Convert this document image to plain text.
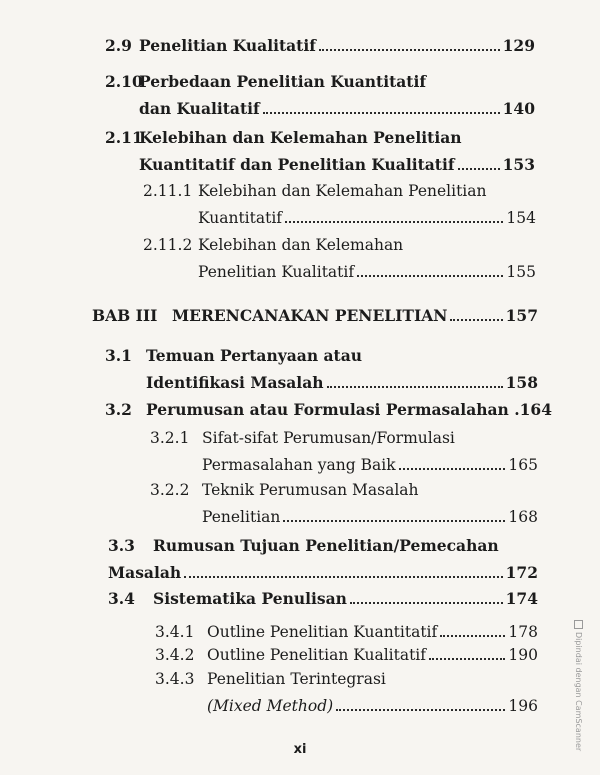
2.9 Penelitian Kualitatif	129
2.10
Perbedaan Penelitian Kuantitatif
dan Kualitatif	140
2.11
Kelebihan dan Kelemahan Penelitian
Kuantitatif dan Penelitian Kualitatif	153
2.11.1 Kelebihan dan Kelemahan Penelitian
Kuantitatif	154
2.11.2 Kelebihan dan Kelemahan
Penelitian Kualitatif	155
BAB III MERENCANAKAN PENELITIAN	157
3.1 Temuan Pertanyaan atau
Identifikasi Masalah	158
3.2 Perumusan atau Formulasi Permasalahan . 164
3.2.1 Sifat-sifat Perumusan/Formulasi
Permasalahan yang Baik	165
3.2.2 Teknik Perumusan Masalah
Penelitian	168
3.3 Rumusan Tujuan Penelitian/Pemecahan
Masalah	172
3.4 Sistematika Penulisan	174
3.4.1 Outline Penelitian Kuantitatif	178
3.4.2 Outline Penelitian Kualitatif	190
3.4.3 Penelitian Terintegrasi
(Mixed Method)	196
xi	Dipindai dengan CamScanner
